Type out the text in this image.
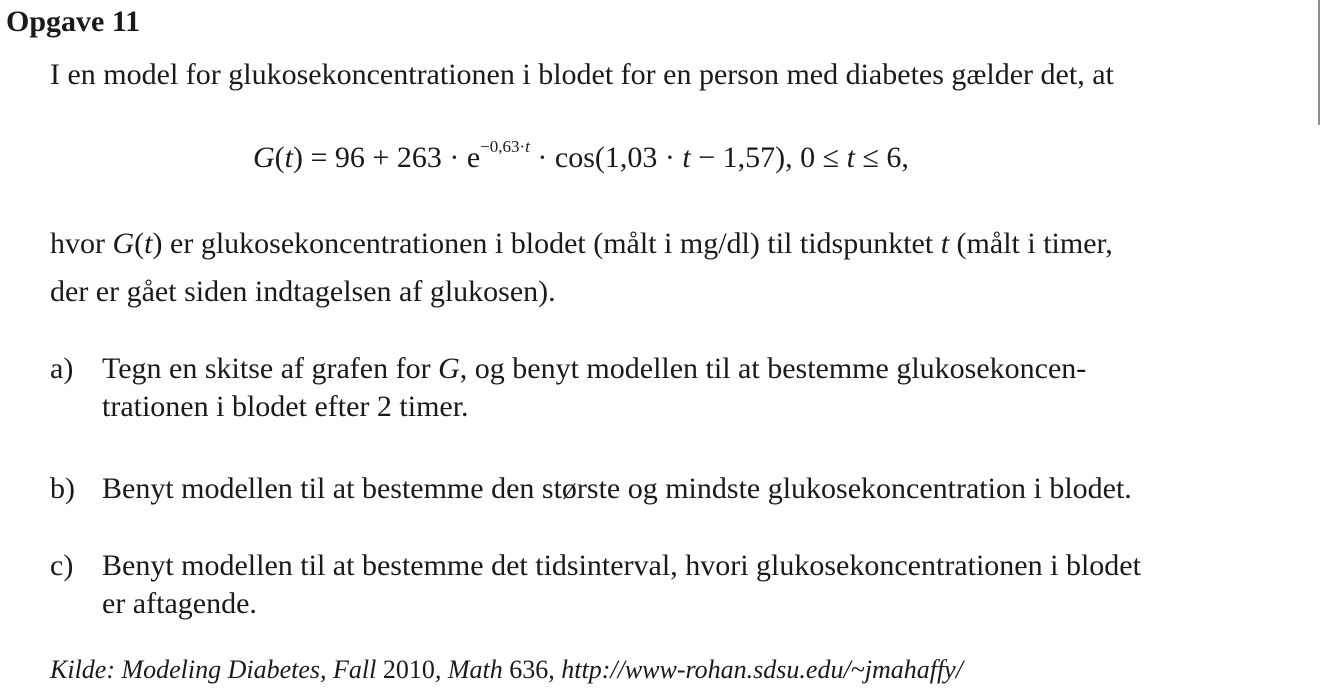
Opgave 11
I en model for glukosekoncentrationen i blodet for en person med diabetes gælder det, at
$G(t) = 96 + 263 \cdot e^{-0,63\cdot t} \cdot \cos(1,03 \cdot t - 1,57)$, 0 ≤ t ≤ 6,
hvor G(t) er glukosekoncentrationen i blodet (målt i mg/dl) til tidspunktet t (målt i timer,
der er gået siden indtagelsen af glukosen).
a) Tegn en skitse af grafen for G, og benyt modellen til at bestemme glukosekoncen-
trationen i blodet efter 2 timer.
b) Benyt modellen til at bestemme den største og mindste glukosekoncentration i blodet.
c) Benyt modellen til at bestemme det tidsinterval, hvori glukosekoncentrationen i blodet
er aftagende.
Kilde: Modeling Diabetes, Fall 2010, Math 636, http://www-rohan.sdsu.edu/~jmahaffy/
